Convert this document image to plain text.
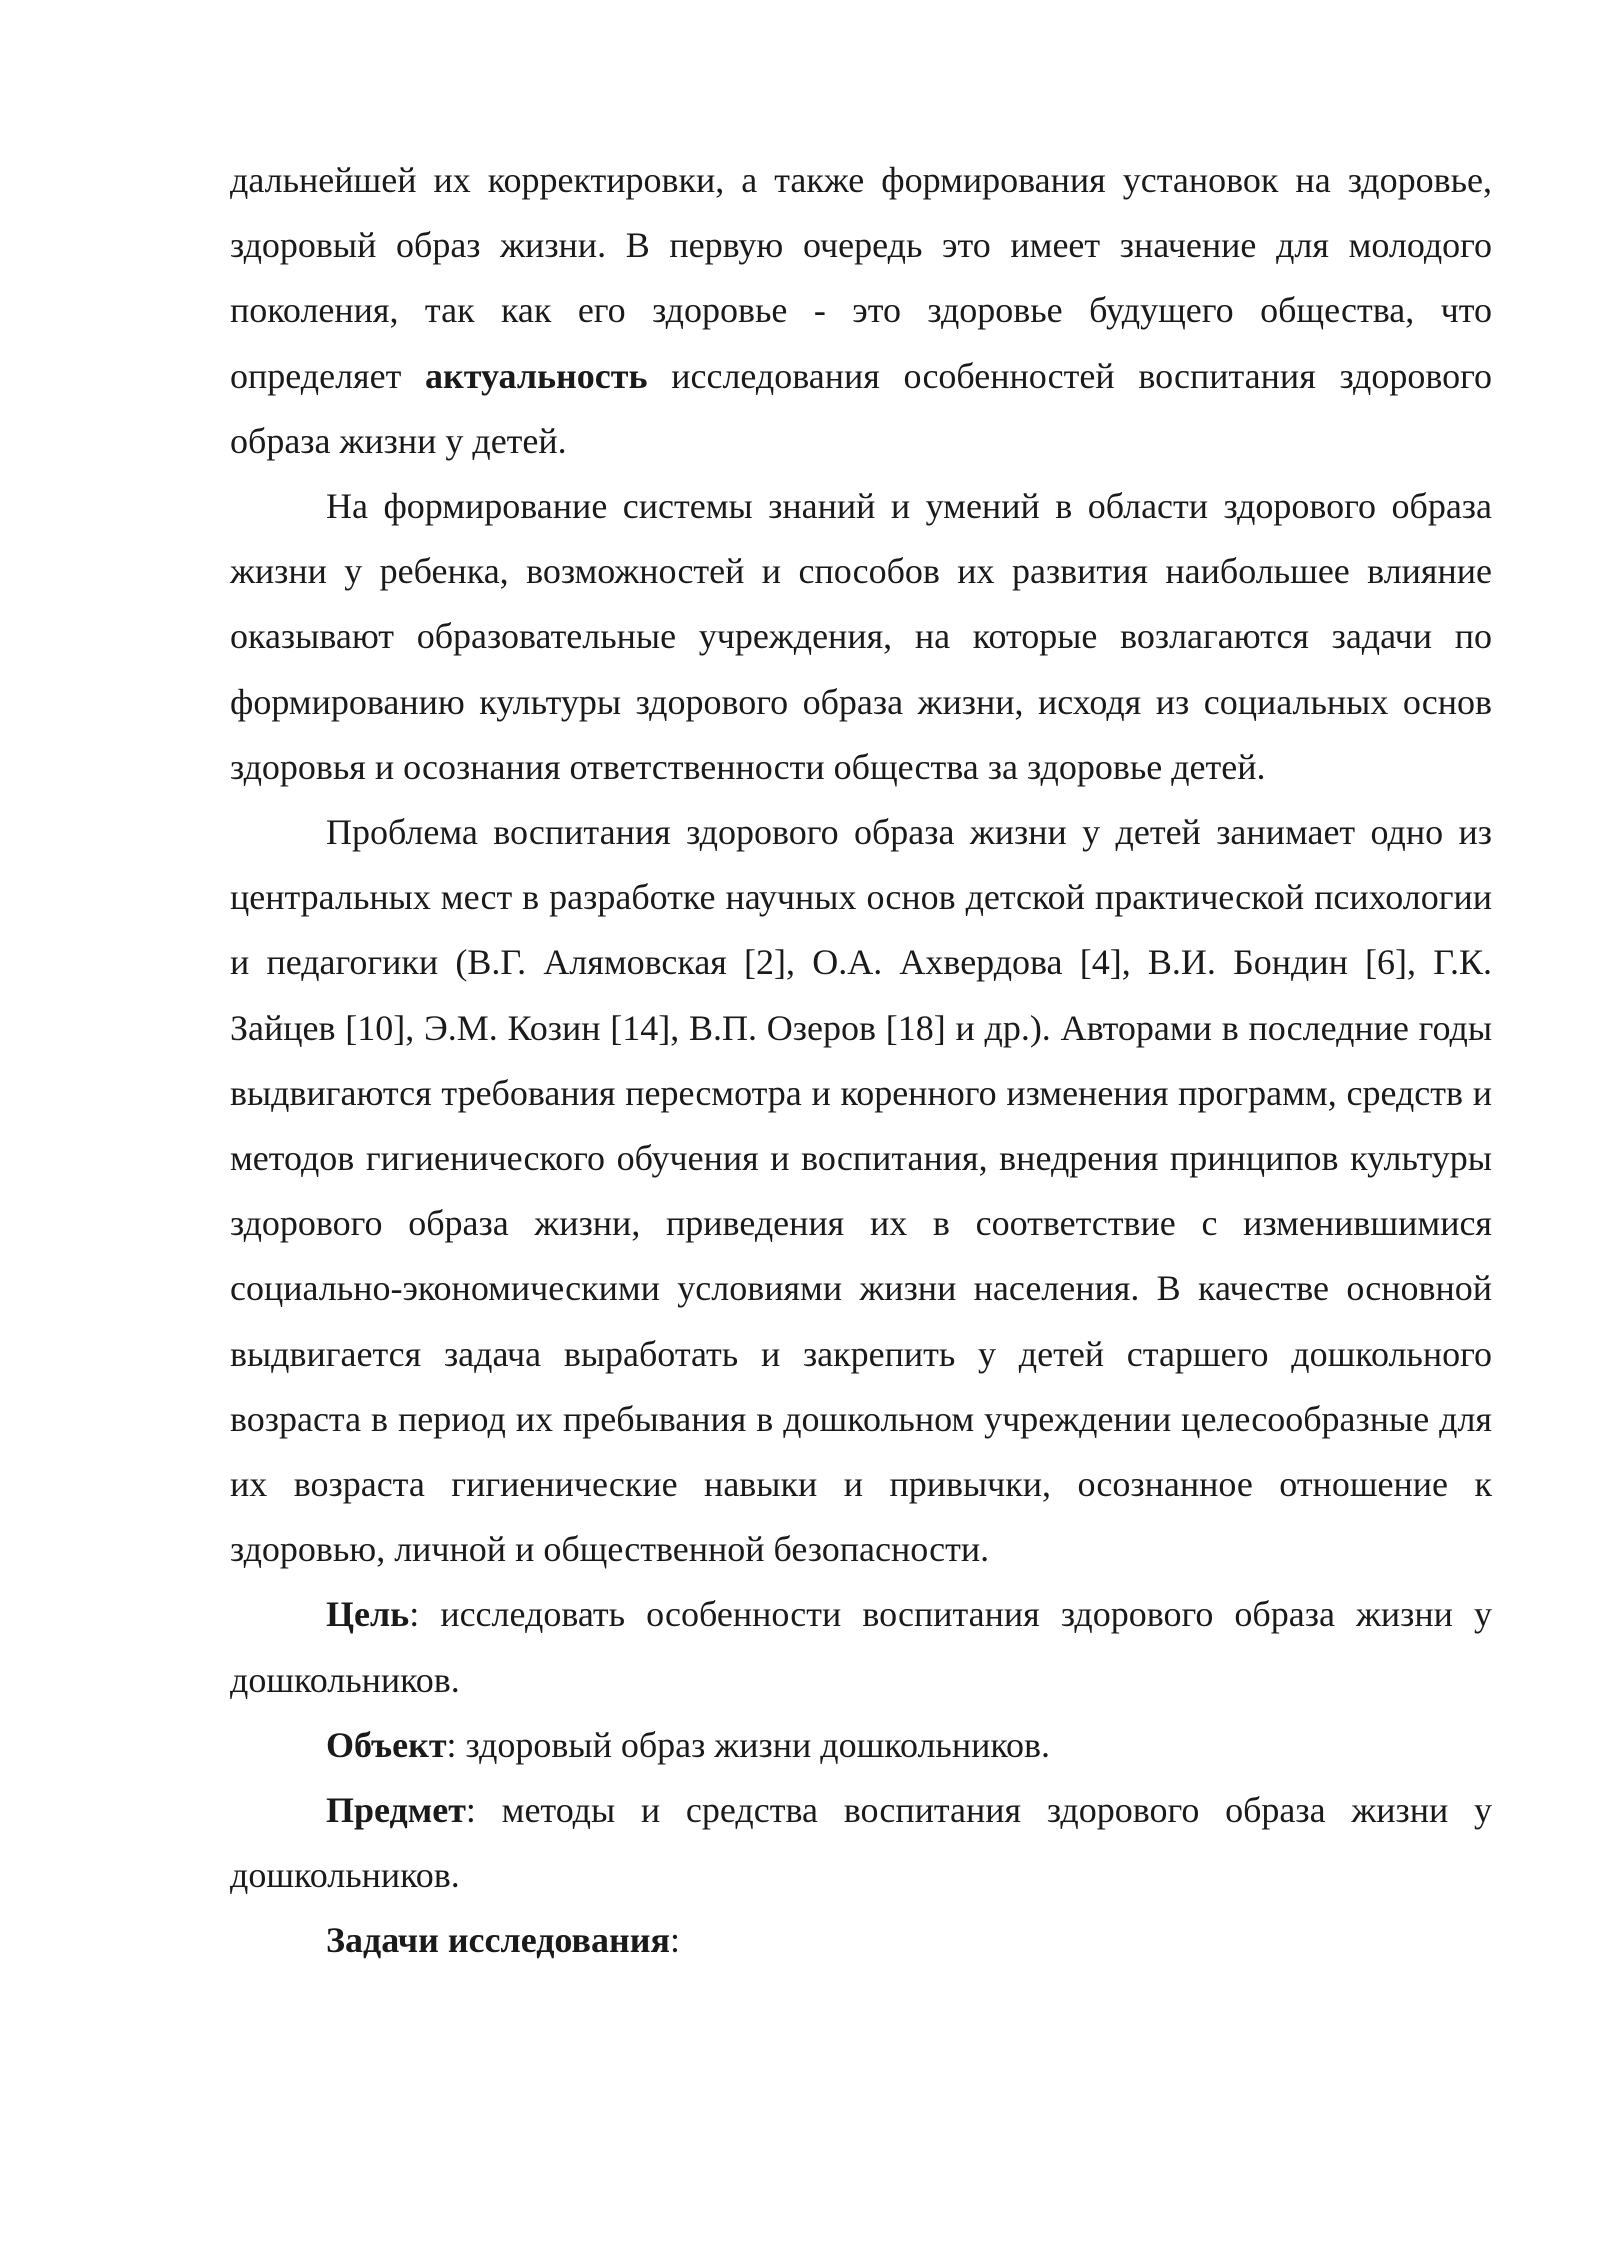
дальнейшей их корректировки, а также формирования установок на здоровье, здоровый образ жизни. В первую очередь это имеет значение для молодого поколения, так как его здоровье - это здоровье будущего общества, что определяет актуальность исследования особенностей воспитания здорового образа жизни у детей.

На формирование системы знаний и умений в области здорового образа жизни у ребенка, возможностей и способов их развития наибольшее влияние оказывают образовательные учреждения, на которые возлагаются задачи по формированию культуры здорового образа жизни, исходя из социальных основ здоровья и осознания ответственности общества за здоровье детей.

Проблема воспитания здорового образа жизни у детей занимает одно из центральных мест в разработке научных основ детской практической психологии и педагогики (В.Г. Алямовская [2], О.А. Ахвердова [4], В.И. Бондин [6], Г.К. Зайцев [10], Э.М. Козин [14], В.П. Озеров [18] и др.). Авторами в последние годы выдвигаются требования пересмотра и коренного изменения программ, средств и методов гигиенического обучения и воспитания, внедрения принципов культуры здорового образа жизни, приведения их в соответствие с изменившимися социально-экономическими условиями жизни населения. В качестве основной выдвигается задача выработать и закрепить у детей старшего дошкольного возраста в период их пребывания в дошкольном учреждении целесообразные для их возраста гигиенические навыки и привычки, осознанное отношение к здоровью, личной и общественной безопасности.

Цель: исследовать особенности воспитания здорового образа жизни у дошкольников.

Объект: здоровый образ жизни дошкольников.

Предмет: методы и средства воспитания здорового образа жизни у дошкольников.

Задачи исследования:
